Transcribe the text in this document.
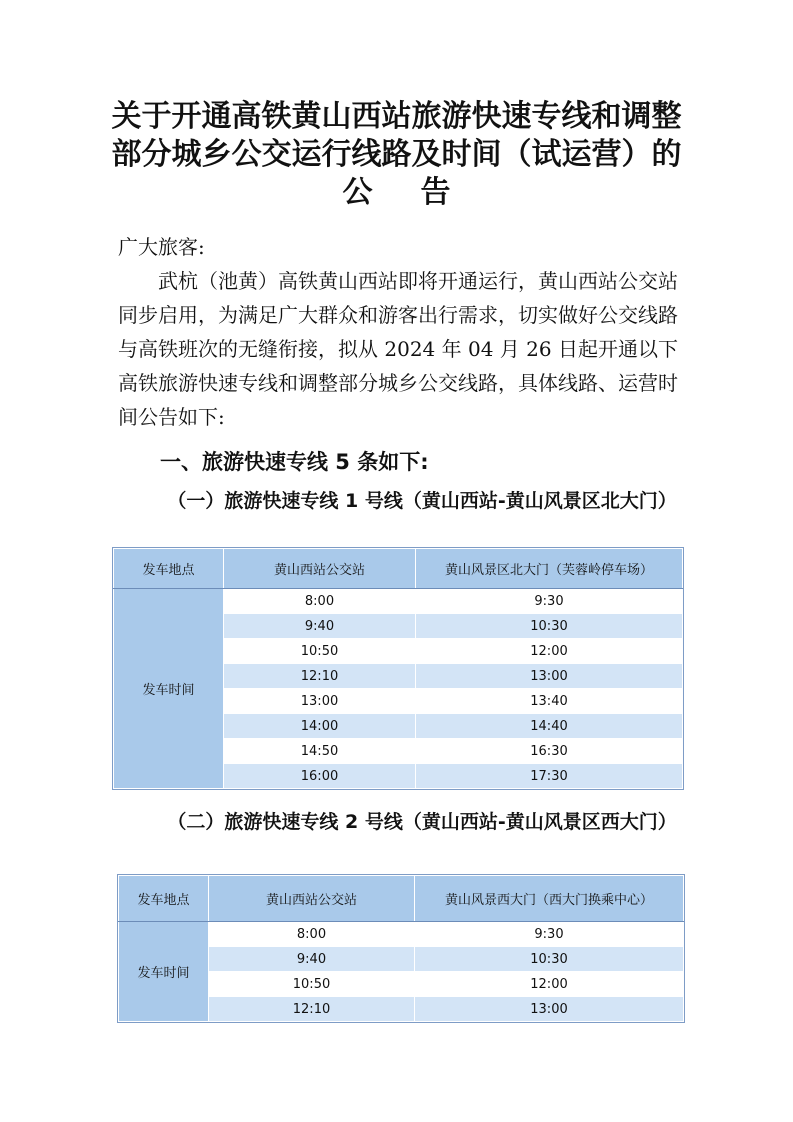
关于开通高铁黄山西站旅游快速专线和调整
部分城乡公交运行线路及时间（试运营）的
公告
广大旅客:
武杭（池黄）高铁黄山西站即将开通运行，黄山西站公交站同步启用，为满足广大群众和游客出行需求，切实做好公交线路与高铁班次的无缝衔接，拟从 2024 年 04 月 26 日起开通以下高铁旅游快速专线和调整部分城乡公交线路，具体线路、运营时间公告如下:
一、旅游快速专线 5 条如下:
（一）旅游快速专线 1 号线（黄山西站-黄山风景区北大门）
发车地点	黄山西站公交站	黄山风景区北大门（芙蓉岭停车场）
发车时间	8:00	9:30
	9:40	10:30
	10:50	12:00
	12:10	13:00
	13:00	13:40
	14:00	14:40
	14:50	16:30
	16:00	17:30
（二）旅游快速专线 2 号线（黄山西站-黄山风景区西大门）
发车地点	黄山西站公交站	黄山风景西大门（西大门换乘中心）
发车时间	8:00	9:30
	9:40	10:30
	10:50	12:00
	12:10	13:00
